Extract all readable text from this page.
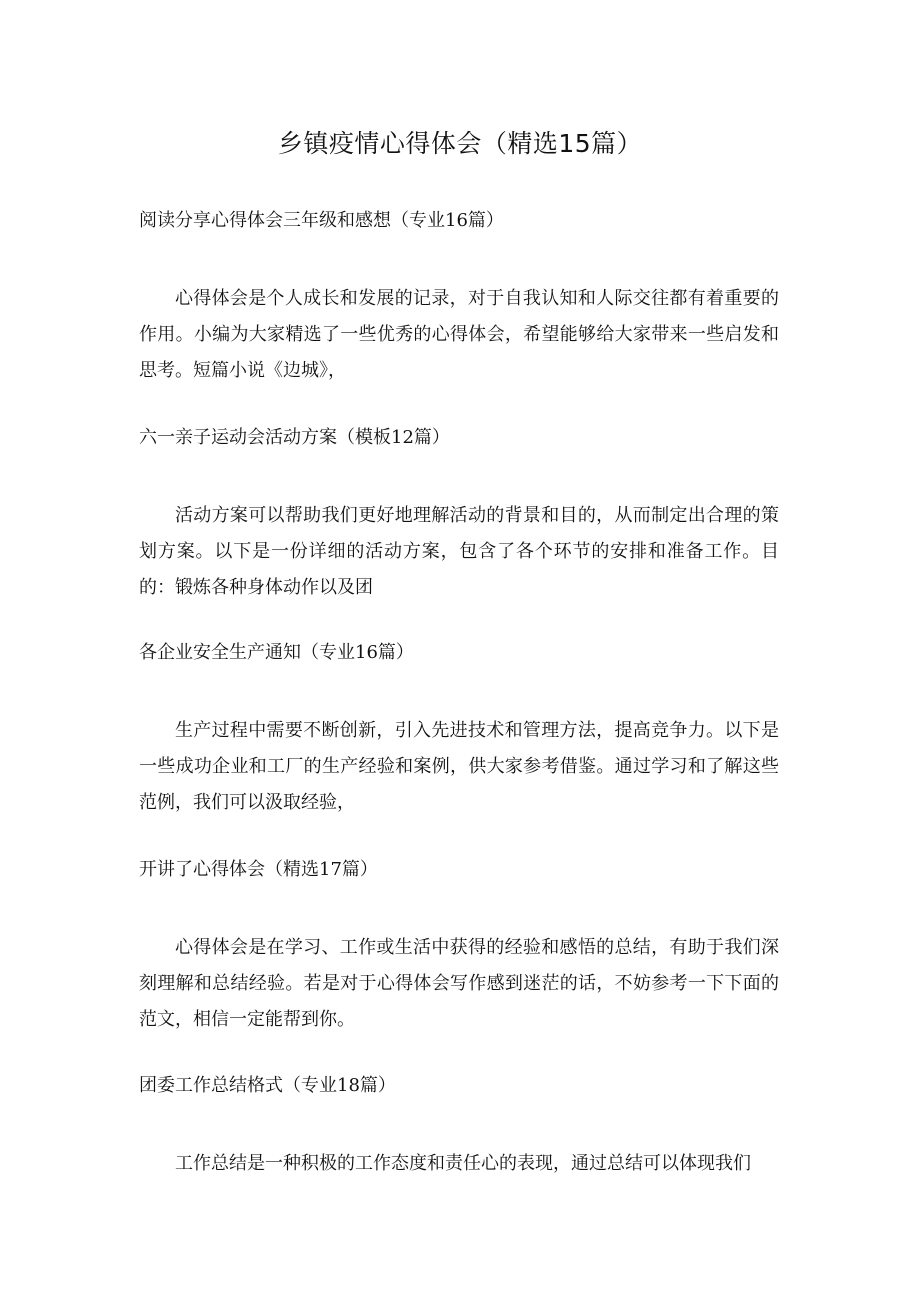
乡镇疫情心得体会（精选15篇）

阅读分享心得体会三年级和感想（专业16篇）

心得体会是个人成长和发展的记录，对于自我认知和人际交往都有着重要的作用。小编为大家精选了一些优秀的心得体会，希望能够给大家带来一些启发和思考。短篇小说《边城》，

六一亲子运动会活动方案（模板12篇）

活动方案可以帮助我们更好地理解活动的背景和目的，从而制定出合理的策划方案。以下是一份详细的活动方案，包含了各个环节的安排和准备工作。目的：锻炼各种身体动作以及团

各企业安全生产通知（专业16篇）

生产过程中需要不断创新，引入先进技术和管理方法，提高竞争力。以下是一些成功企业和工厂的生产经验和案例，供大家参考借鉴。通过学习和了解这些范例，我们可以汲取经验，

开讲了心得体会（精选17篇）

心得体会是在学习、工作或生活中获得的经验和感悟的总结，有助于我们深刻理解和总结经验。若是对于心得体会写作感到迷茫的话，不妨参考一下下面的范文，相信一定能帮到你。

团委工作总结格式（专业18篇）

工作总结是一种积极的工作态度和责任心的表现，通过总结可以体现我们
